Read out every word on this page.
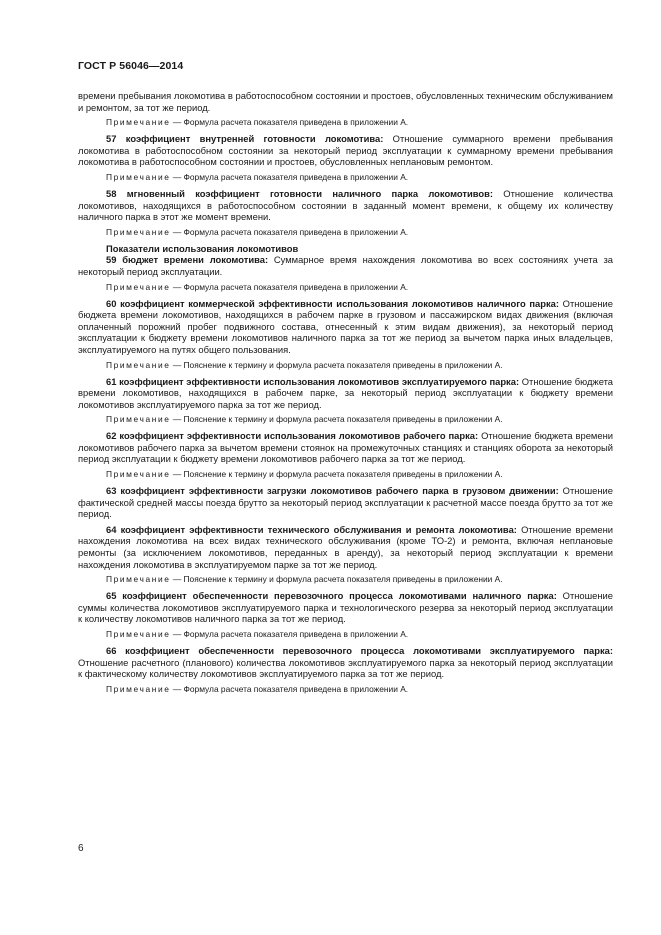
ГОСТ Р 56046—2014

времени пребывания локомотива в работоспособном состоянии и простоев, обусловленных техническим обслуживанием и ремонтом, за тот же период.

Примечание — Формула расчета показателя приведена в приложении А.

57 коэффициент внутренней готовности локомотива: Отношение суммарного времени пребывания локомотива в работоспособном состоянии за некоторый период эксплуатации к суммарному времени пребывания локомотива в работоспособном состоянии и простоев, обусловленных неплановым ремонтом.

Примечание — Формула расчета показателя приведена в приложении А.

58 мгновенный коэффициент готовности наличного парка локомотивов: Отношение количества локомотивов, находящихся в работоспособном состоянии в заданный момент времени, к общему их количеству наличного парка в этот же момент времени.

Примечание — Формула расчета показателя приведена в приложении А.

Показатели использования локомотивов

59 бюджет времени локомотива: Суммарное время нахождения локомотива во всех состояниях учета за некоторый период эксплуатации.

Примечание — Формула расчета показателя приведена в приложении А.

60 коэффициент коммерческой эффективности использования локомотивов наличного парка: Отношение бюджета времени локомотивов, находящихся в рабочем парке в грузовом и пассажирском видах движения (включая оплаченный порожний пробег подвижного состава, отнесенный к этим видам движения), за некоторый период эксплуатации к бюджету времени локомотивов наличного парка за тот же период за вычетом парка иных владельцев, эксплуатируемого на путях общего пользования.

Примечание — Пояснение к термину и формула расчета показателя приведены в приложении А.

61 коэффициент эффективности использования локомотивов эксплуатируемого парка: Отношение бюджета времени локомотивов, находящихся в рабочем парке, за некоторый период эксплуатации к бюджету времени локомотивов эксплуатируемого парка за тот же период.

Примечание — Пояснение к термину и формула расчета показателя приведены в приложении А.

62 коэффициент эффективности использования локомотивов рабочего парка: Отношение бюджета времени локомотивов рабочего парка за вычетом времени стоянок на промежуточных станциях и станциях оборота за некоторый период эксплуатации к бюджету времени локомотивов рабочего парка за тот же период.

Примечание — Пояснение к термину и формула расчета показателя приведены в приложении А.

63 коэффициент эффективности загрузки локомотивов рабочего парка в грузовом движении: Отношение фактической средней массы поезда брутто за некоторый период эксплуатации к расчетной массе поезда брутто за тот же период.

64 коэффициент эффективности технического обслуживания и ремонта локомотива: Отношение времени нахождения локомотива на всех видах технического обслуживания (кроме ТО-2) и ремонта, включая неплановые ремонты (за исключением локомотивов, переданных в аренду), за некоторый период эксплуатации к времени нахождения локомотива в эксплуатируемом парке за тот же период.

Примечание — Пояснение к термину и формула расчета показателя приведены в приложении А.

65 коэффициент обеспеченности перевозочного процесса локомотивами наличного парка: Отношение суммы количества локомотивов эксплуатируемого парка и технологического резерва за некоторый период эксплуатации к количеству локомотивов наличного парка за тот же период.

Примечание — Формула расчета показателя приведена в приложении А.

66 коэффициент обеспеченности перевозочного процесса локомотивами эксплуатируемого парка: Отношение расчетного (планового) количества локомотивов эксплуатируемого парка за некоторый период эксплуатации к фактическому количеству локомотивов эксплуатируемого парка за тот же период.

Примечание — Формула расчета показателя приведена в приложении А.

6
